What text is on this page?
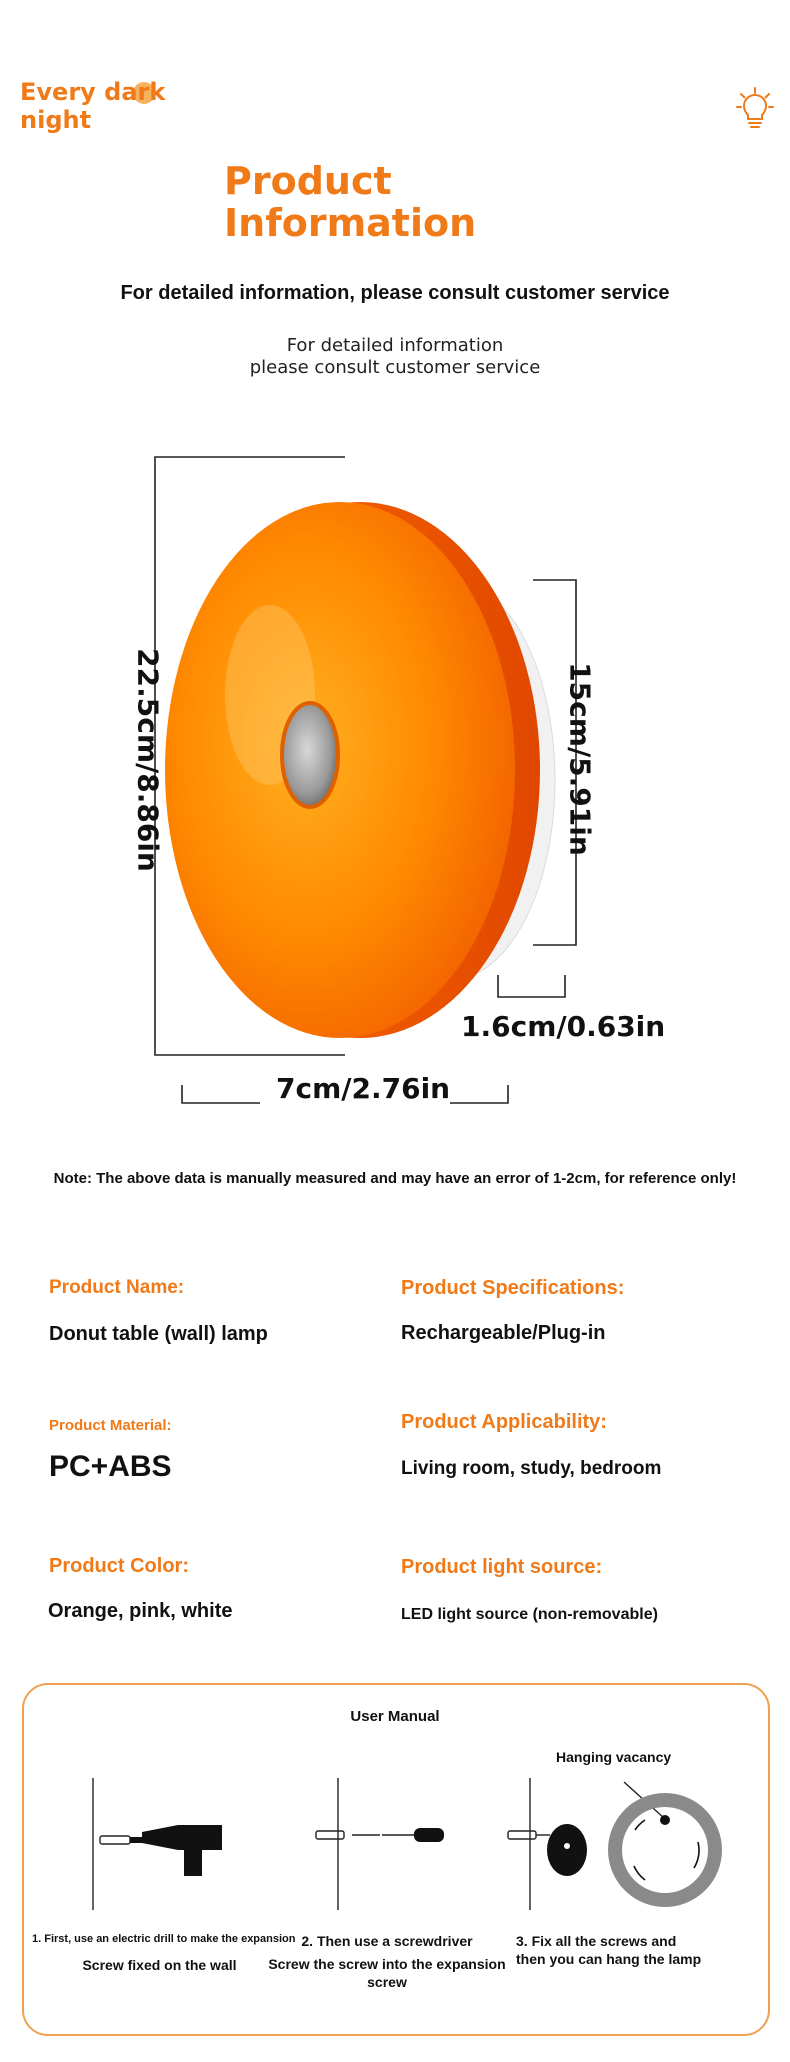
Every dark night
Product Information
For detailed information, please consult customer service
For detailed information
please consult customer service
22.5cm/8.86in	15cm/5.91in
1.6cm/0.63in
7cm/2.76in
Note: The above data is manually measured and may have an error of 1-2cm, for reference only!
Product Name:
Donut table (wall) lamp
Product Specifications:
Rechargeable/Plug-in
Product Material:
PC+ABS
Product Applicability:
Living room, study, bedroom
Product Color:
Orange, pink, white
Product light source:
LED light source (non-removable)
User Manual
Hanging vacancy
1. First, use an electric drill to make the expansion
Screw fixed on the wall
2. Then use a screwdriver
Screw the screw into the expansion
screw
3. Fix all the screws and
then you can hang the lamp
